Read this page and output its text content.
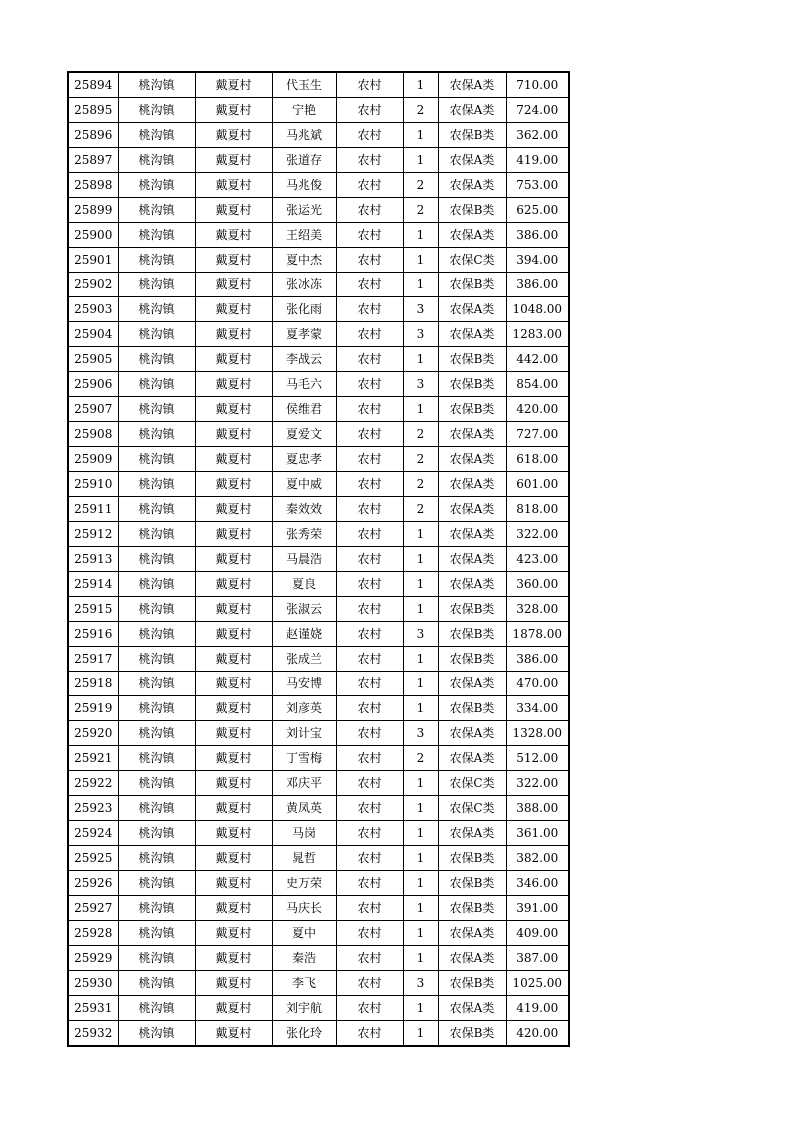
25894	桃沟镇	戴夏村	代玉生	农村	1	农保A类	710.00
25895	桃沟镇	戴夏村	宁艳	农村	2	农保A类	724.00
25896	桃沟镇	戴夏村	马兆斌	农村	1	农保B类	362.00
25897	桃沟镇	戴夏村	张道存	农村	1	农保A类	419.00
25898	桃沟镇	戴夏村	马兆俊	农村	2	农保A类	753.00
25899	桃沟镇	戴夏村	张运光	农村	2	农保B类	625.00
25900	桃沟镇	戴夏村	王绍美	农村	1	农保A类	386.00
25901	桃沟镇	戴夏村	夏中杰	农村	1	农保C类	394.00
25902	桃沟镇	戴夏村	张冰冻	农村	1	农保B类	386.00
25903	桃沟镇	戴夏村	张化雨	农村	3	农保A类	1048.00
25904	桃沟镇	戴夏村	夏孝蒙	农村	3	农保A类	1283.00
25905	桃沟镇	戴夏村	李战云	农村	1	农保B类	442.00
25906	桃沟镇	戴夏村	马毛六	农村	3	农保B类	854.00
25907	桃沟镇	戴夏村	侯维君	农村	1	农保B类	420.00
25908	桃沟镇	戴夏村	夏爱文	农村	2	农保A类	727.00
25909	桃沟镇	戴夏村	夏忠孝	农村	2	农保A类	618.00
25910	桃沟镇	戴夏村	夏中威	农村	2	农保A类	601.00
25911	桃沟镇	戴夏村	秦效效	农村	2	农保A类	818.00
25912	桃沟镇	戴夏村	张秀荣	农村	1	农保A类	322.00
25913	桃沟镇	戴夏村	马晨浩	农村	1	农保A类	423.00
25914	桃沟镇	戴夏村	夏良	农村	1	农保A类	360.00
25915	桃沟镇	戴夏村	张淑云	农村	1	农保B类	328.00
25916	桃沟镇	戴夏村	赵谨娆	农村	3	农保B类	1878.00
25917	桃沟镇	戴夏村	张成兰	农村	1	农保B类	386.00
25918	桃沟镇	戴夏村	马安博	农村	1	农保A类	470.00
25919	桃沟镇	戴夏村	刘彦英	农村	1	农保B类	334.00
25920	桃沟镇	戴夏村	刘计宝	农村	3	农保A类	1328.00
25921	桃沟镇	戴夏村	丁雪梅	农村	2	农保A类	512.00
25922	桃沟镇	戴夏村	邓庆平	农村	1	农保C类	322.00
25923	桃沟镇	戴夏村	黄凤英	农村	1	农保C类	388.00
25924	桃沟镇	戴夏村	马岗	农村	1	农保A类	361.00
25925	桃沟镇	戴夏村	晁哲	农村	1	农保B类	382.00
25926	桃沟镇	戴夏村	史万荣	农村	1	农保B类	346.00
25927	桃沟镇	戴夏村	马庆长	农村	1	农保B类	391.00
25928	桃沟镇	戴夏村	夏中	农村	1	农保A类	409.00
25929	桃沟镇	戴夏村	秦浩	农村	1	农保A类	387.00
25930	桃沟镇	戴夏村	李飞	农村	3	农保B类	1025.00
25931	桃沟镇	戴夏村	刘宇航	农村	1	农保A类	419.00
25932	桃沟镇	戴夏村	张化玲	农村	1	农保B类	420.00
